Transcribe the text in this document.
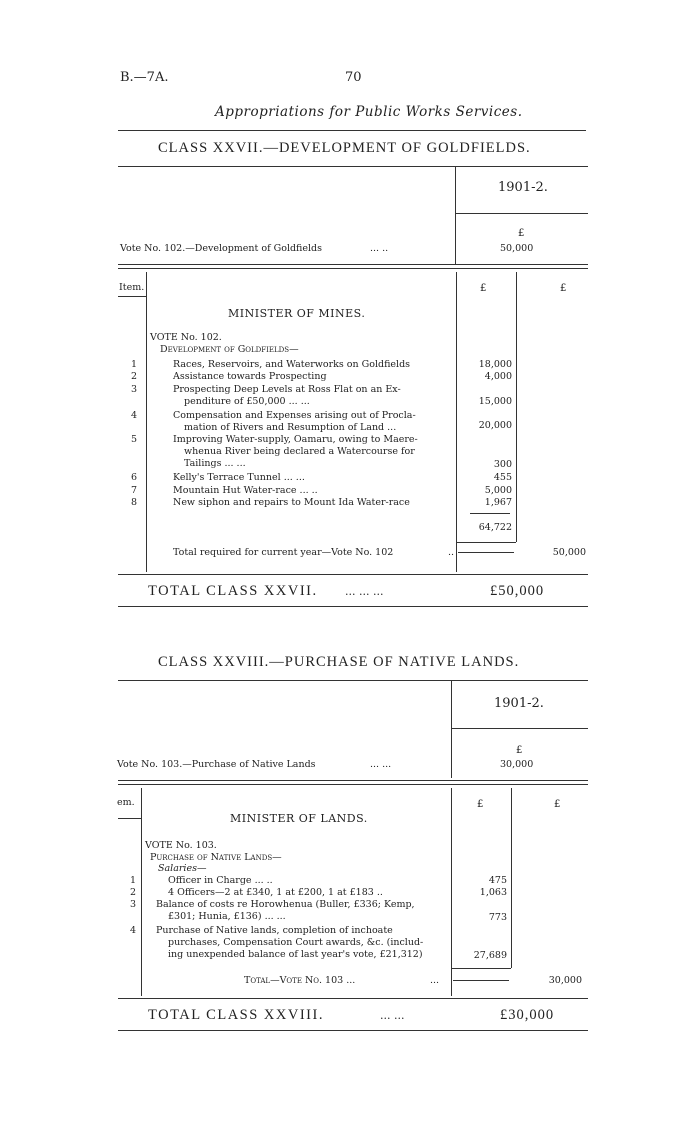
B.—7A.	70
Appropriations for Public Works Services.
CLASS XXVII.—DEVELOPMENT OF GOLDFIELDS.
1901-2.
£
Vote No. 102.—Development of Goldfields	... ..	50,000
Item.	£	£
MINISTER OF MINES.
VOTE No. 102.
Development of Goldfields—
1	Races, Reservoirs, and Waterworks on Goldfields	18,000
2	Assistance towards Prospecting	4,000
3	Prospecting Deep Levels at Ross Flat on an Ex-
penditure of £50,000 ... ...	15,000
4	Compensation and Expenses arising out of Procla-
mation of Rivers and Resumption of Land ...	20,000
5	Improving Water-supply, Oamaru, owing to Maere-
whenua River being declared a Watercourse for
Tailings ... ...	300
6	Kelly's Terrace Tunnel ... ...	455
7	Mountain Hut Water-race ... ..	5,000
8	New siphon and repairs to Mount Ida Water-race	1,967
64,722
Total required for current year—Vote No. 102	..	50,000
TOTAL CLASS XXVII. ... ... ...	£50,000
CLASS XXVIII.—PURCHASE OF NATIVE LANDS.
1901-2.
£
Vote No. 103.—Purchase of Native Lands	... ...	30,000
em.	£	£
MINISTER OF LANDS.
VOTE No. 103.
Purchase of Native Lands—
Salaries—
1	Officer in Charge ... ..	475
2	4 Officers—2 at £340, 1 at £200, 1 at £183 ..	1,063
3 Balance of costs re Horowhenua (Buller, £336; Kemp,
£301; Hunia, £136) ... ...	773
4 Purchase of Native lands, completion of inchoate
purchases, Compensation Court awards, &c. (includ-
ing unexpended balance of last year's vote, £21,312)	27,689
Total—Vote No. 103 ...	...	30,000
TOTAL CLASS XXVIII.	... ...	£30,000
